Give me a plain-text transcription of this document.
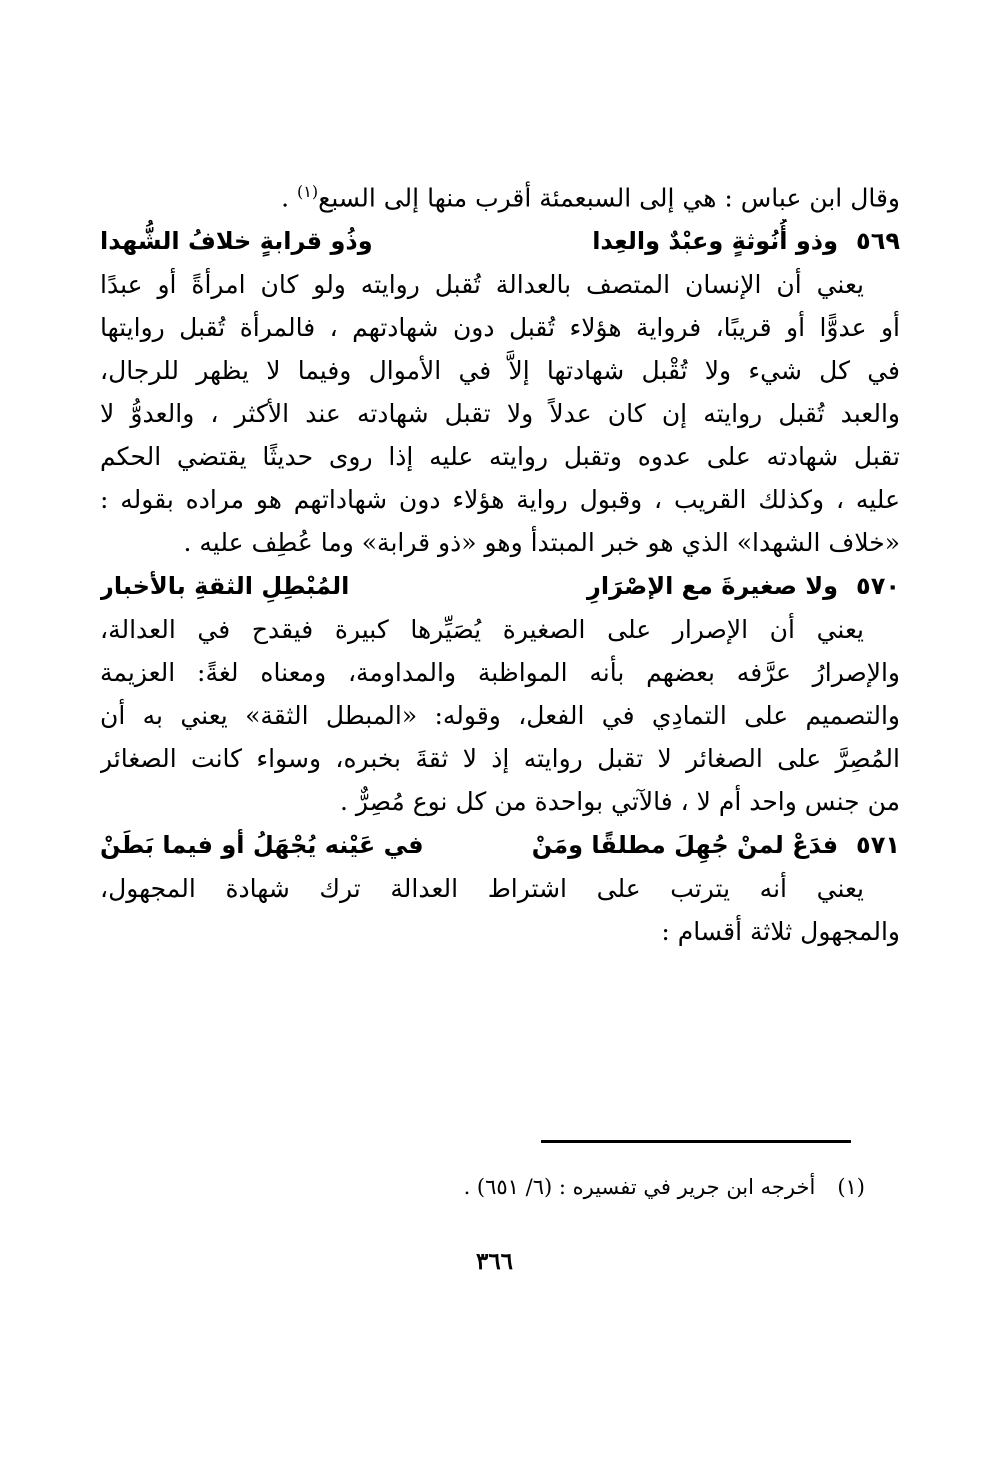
وقال ابن عباس : هي إلى السبعمئة أقرب منها إلى السبع$^{(١)}$ .
٥٦٩
وذو أُنُوثةٍ وعبْدٌ والعِدا
وذُو قرابةٍ خلافُ الشُّهدا
يعني أن الإنسان المتصف بالعدالة تُقبل روايته ولو كان امرأةً أو عبدًا
أو عدوًّا أو قريبًا، فرواية هؤلاء تُقبل دون شهادتهم ، فالمرأة تُقبل روايتها
في كل شيء ولا تُقْبل شهادتها إلاَّ في الأموال وفيما لا يظهر للرجال،
والعبد تُقبل روايته إن كان عدلاً ولا تقبل شهادته عند الأكثر ، والعدوُّ لا
تقبل شهادته على عدوه وتقبل روايته عليه إذا روى حديثًا يقتضي الحكم
عليه ، وكذلك القريب ، وقبول رواية هؤلاء دون شهاداتهم هو مراده بقوله :
«خلاف الشهدا» الذي هو خبر المبتدأ وهو «ذو قرابة» وما عُطِف عليه .
٥٧٠
ولا صغيرةَ مع الإصْرَارِ
المُبْطِلِ الثقةِ بالأخبار
يعني أن الإصرار على الصغيرة يُصَيِّرها كبيرة فيقدح في العدالة،
والإصرارُ عرَّفه بعضهم بأنه المواظبة والمداومة، ومعناه لغةً: العزيمة
والتصميم على التمادِي في الفعل، وقوله: «المبطل الثقة» يعني به أن
المُصِرَّ على الصغائر لا تقبل روايته إذ لا ثقةَ بخبره، وسواء كانت الصغائر
من جنس واحد أم لا ، فالآتي بواحدة من كل نوع مُصِرٌّ .
٥٧١
فدَعْ لمنْ جُهِلَ مطلقًا ومَنْ
في عَيْنه يُجْهَلُ أو فيما بَطَنْ
يعني أنه يترتب على اشتراط العدالة ترك شهادة المجهول،
والمجهول ثلاثة أقسام :
(١)أخرجه ابن جرير في تفسيره : (٦/ ٦٥١) .
٣٦٦
